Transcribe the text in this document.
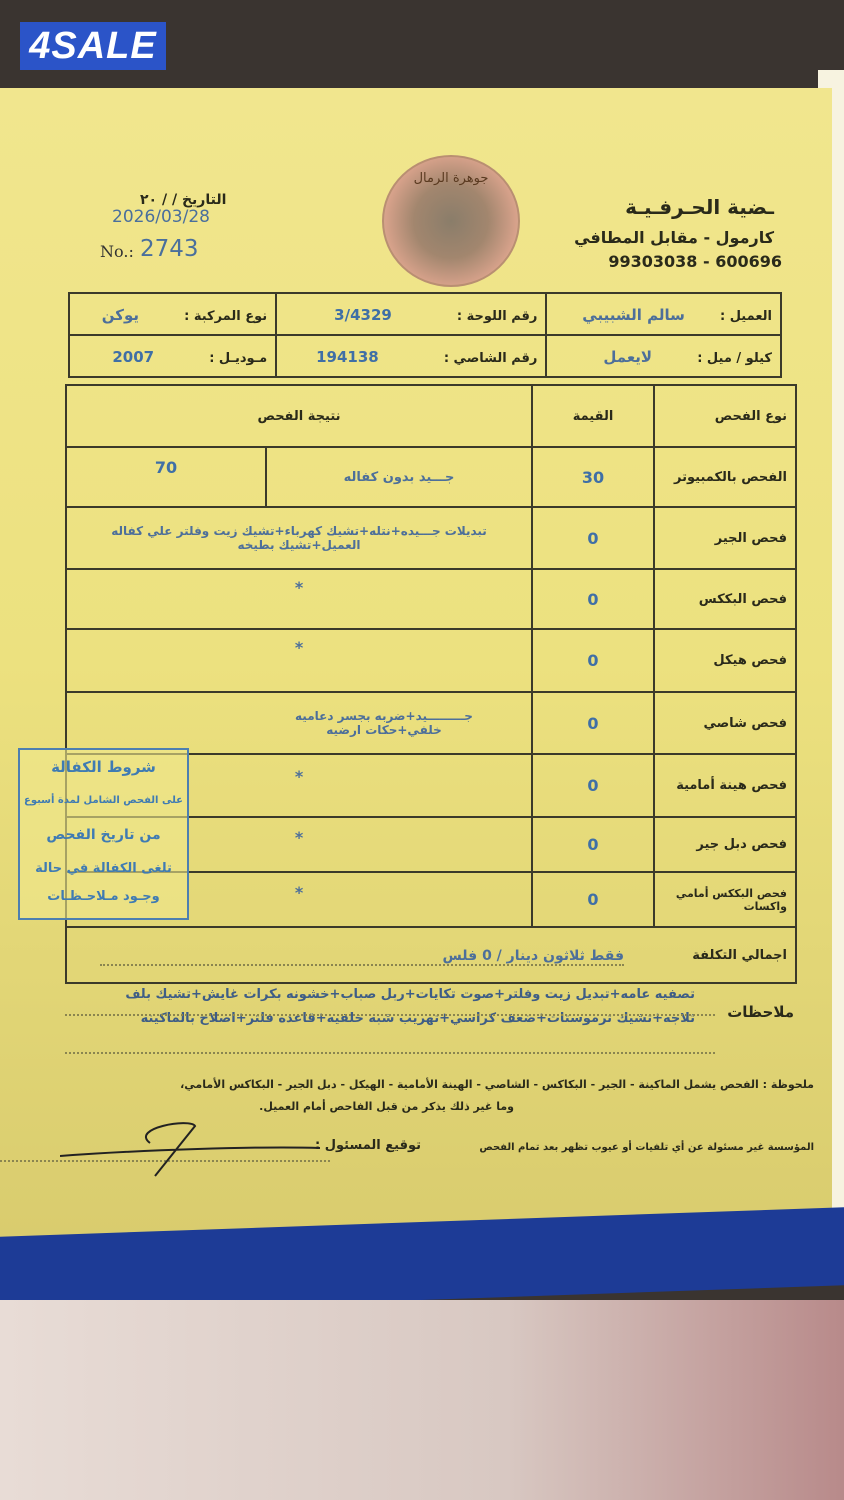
4SALE
التاريخ / / ٢٠
2026/03/28
No.: 2743
جوهرة الرمال
ـضية الحـرفـيـة
كارمول - مقابل المطافي
99303038 - 600696
العميل : سالم الشبيبي	رقم اللوحة : 3/4329	نوع المركبة : يوكن
كيلو / ميل : لايعمل	رقم الشاصي : 194138	مـوديـل : 2007
نوع الفحص	القيمة	نتيجة الفحص	
الفحص بالكمبيوتر	30	جـــيد بدون كفاله	70
فحص الجير	0	تبديلات جـــيده+نتله+تشيك كهرباء+تشيك زيت وفلتر علي كفاله العميل+تشيك بطيخه	
فحص البككس	0	*	
فحص هيكل	0	*	
فحص شاصي	0	جـــــــــيد+ضربه بجسر دعاميه خلفي+حكات ارضيه	
فحص هينة أمامية	0	*	
فحص دبل جير	0	*	
فحص البككس أمامي واكسات	0	*	
اجمالي التكلفة	فقط ثلاثون دينار / 0 فلس		
شروط الكفالة
على الفحص الشامل لمدة أسبوع
من تاريخ الفحص
تلغى الكفالة في حالة
وجـود مـلاحـظـات
ملاحظات
تصفيه عامه+تبديل زيت وفلتر+صوت تكايات+ربل صباب+خشونه بكرات غايش+تشيك بلف ثلاجه+تشيك ترموستات+ضعف كراسي+تهريب شبه خلفيه+قاعده فلتر+اصلاح بالماكينه
ملحوظة : الفحص يشمل الماكينة - الجير - البكاكس - الشاصي - الهينة الأمامية - الهيكل - دبل الجير - البكاكس الأمامي،
وما غير ذلك يذكر من قبل الفاحص أمام العميل.
توقيع المسئول :	المؤسسة غير مسئولة عن أي تلفيات أو عيوب تظهر بعد تمام الفحص
